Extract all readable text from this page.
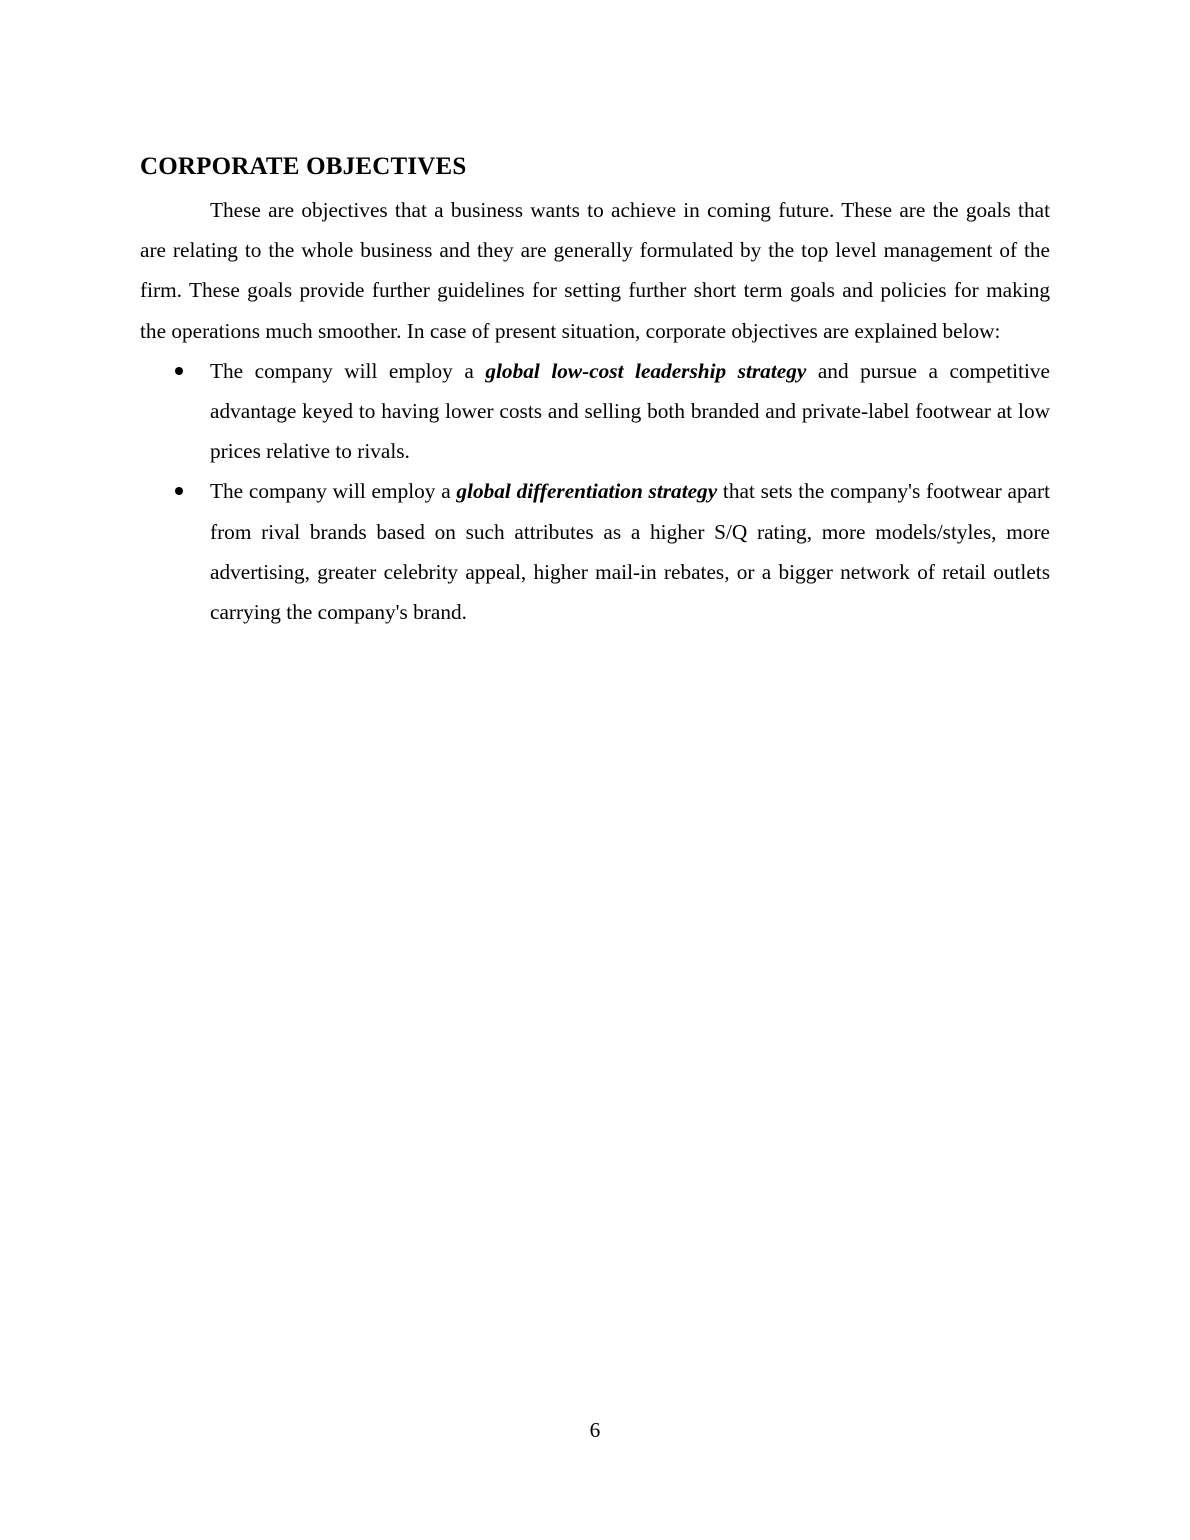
CORPORATE OBJECTIVES

These are objectives that a business wants to achieve in coming future. These are the goals that are relating to the whole business and they are generally formulated by the top level management of the firm. These goals provide further guidelines for setting further short term goals and policies for making the operations much smoother. In case of present situation, corporate objectives are explained below:

The company will employ a global low-cost leadership strategy and pursue a competitive advantage keyed to having lower costs and selling both branded and private-label footwear at low prices relative to rivals.
The company will employ a global differentiation strategy that sets the company's footwear apart from rival brands based on such attributes as a higher S/Q rating, more models/styles, more advertising, greater celebrity appeal, higher mail-in rebates, or a bigger network of retail outlets carrying the company's brand.
6
